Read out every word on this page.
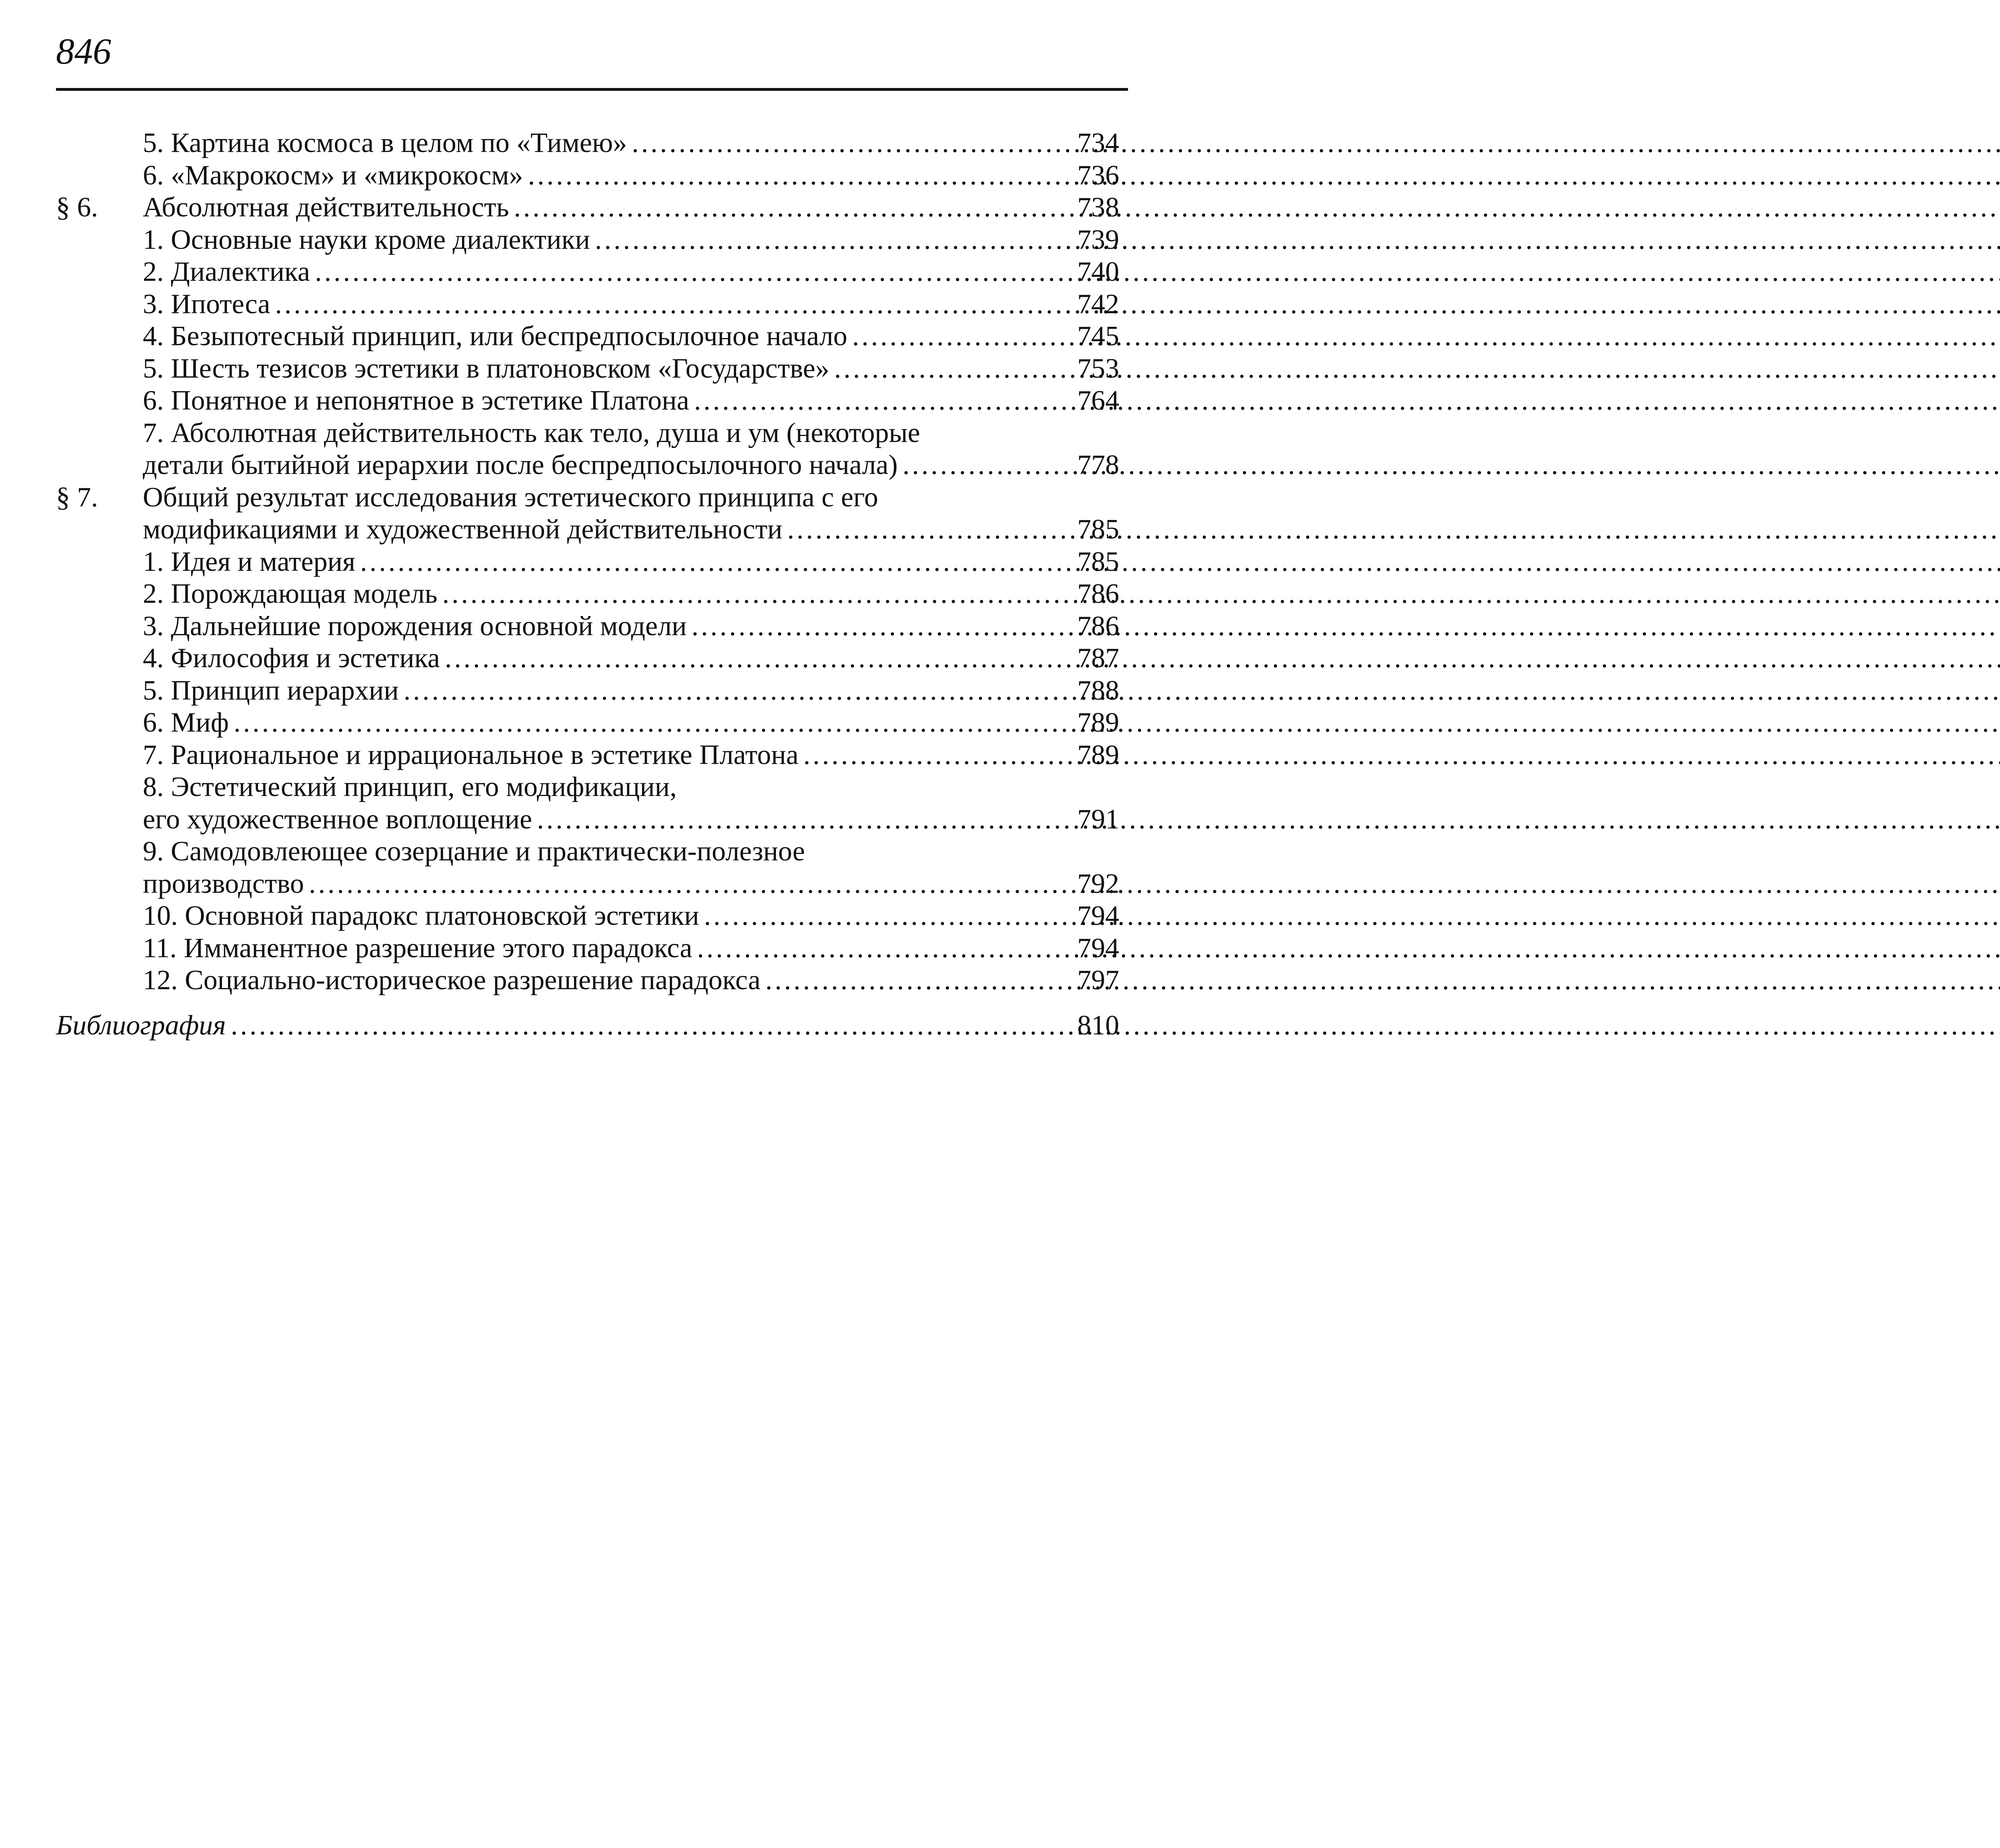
846
5. Картина космоса в целом по «Тимею» .....	734
6. «Макрокосм» и «микрокосм» .....	736
§ 6. Абсолютная действительность .....	738
1. Основные науки кроме диалектики .....	739
2. Диалектика .....	740
3. Ипотеса .....	742
4. Безыпотесный принцип, или беспредпосылочное начало .....	745
5. Шесть тезисов эстетики в платоновском «Государстве» .....	753
6. Понятное и непонятное в эстетике Платона .....	764
7. Абсолютная действительность как тело, душа и ум (некоторые
детали бытийной иерархии после беспредпосылочного начала) .....	778
§ 7. Общий результат исследования эстетического принципа с его
модификациями и художественной действительности .....	785
1. Идея и материя .....	785
2. Порождающая модель .....	786
3. Дальнейшие порождения основной модели .....	786
4. Философия и эстетика .....	787
5. Принцип иерархии .....	788
6. Миф .....	789
7. Рациональное и иррациональное в эстетике Платона .....	789
8. Эстетический принцип, его модификации,
его художественное воплощение .....	791
9. Самодовлеющее созерцание и практически-полезное
производство .....	792
10. Основной парадокс платоновской эстетики .....	794
11. Имманентное разрешение этого парадокса .....	794
12. Социально-историческое разрешение парадокса .....	797
Библиография .....	810
